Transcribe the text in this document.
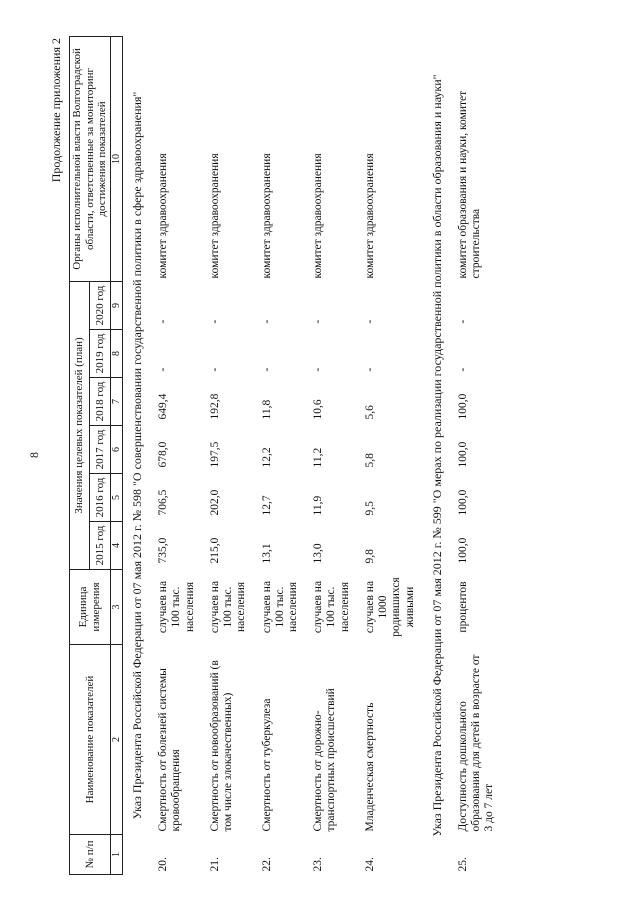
8
Продолжение приложения 2
№ п/п	Наименование показателей	Единица измерения	Значения целевых показателей (план)						Органы исполнительной власти Волгоградской области, ответственные за мониторинг достижения показателей
			2015 год	2016 год	2017 год	2018 год	2019 год	2020 год	
1	2	3	4	5	6	7	8	9	10
Указ Президента Российской Федерации от 07 мая 2012 г. № 598 "О совершенствовании государственной политики в сфере здравоохранения"									
20.	Смертность от болезней системы кровообращения	случаев на 100 тыс. населения	735,0	706,5	678,0	649,4	-	-	комитет здравоохранения
21.	Смертность от новообразований (в том числе злокачественных)	случаев на 100 тыс. населения	215,0	202,0	197,5	192,8	-	-	комитет здравоохранения
22.	Смертность от туберкулеза	случаев на 100 тыс. населения	13,1	12,7	12,2	11,8	-	-	комитет здравоохранения
23.	Смертность от дорожно-транспортных происшествий	случаев на 100 тыс. населения	13,0	11,9	11,2	10,6	-	-	комитет здравоохранения
24.	Младенческая смертность	случаев на 1000 родившихся живыми	9,8	9,5	5,8	5,6	-	-	комитет здравоохранения
Указ Президента Российской Федерации от 07 мая 2012 г. № 599 "О мерах по реализации государственной политики в области образования и науки"									
25.	Доступность дошкольного образования для детей в возрасте от 3 до 7 лет	процентов	100,0	100,0	100,0	100,0	-	-	комитет образования и науки, комитет строительства
